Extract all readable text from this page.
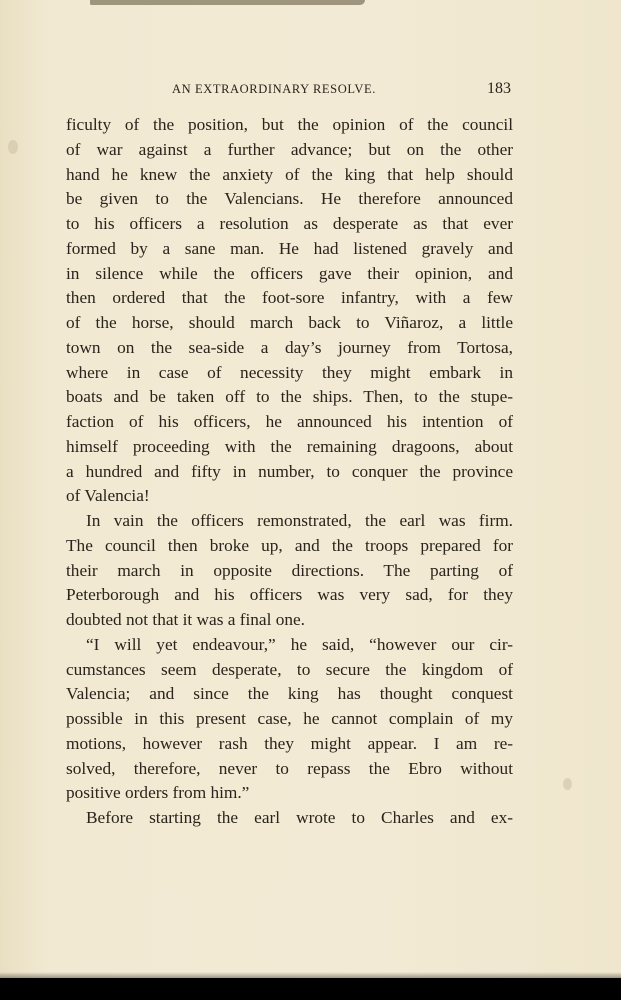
AN EXTRAORDINARY RESOLVE.	183
ficulty of the position, but the opinion of the council
of war against a further advance; but on the other
hand he knew the anxiety of the king that help should
be given to the Valencians. He therefore announced
to his officers a resolution as desperate as that ever
formed by a sane man. He had listened gravely and
in silence while the officers gave their opinion, and
then ordered that the foot-sore infantry, with a few
of the horse, should march back to Viñaroz, a little
town on the sea-side a day’s journey from Tortosa,
where in case of necessity they might embark in
boats and be taken off to the ships. Then, to the stupe-
faction of his officers, he announced his intention of
himself proceeding with the remaining dragoons, about
a hundred and fifty in number, to conquer the province
of Valencia!
In vain the officers remonstrated, the earl was firm.
The council then broke up, and the troops prepared for
their march in opposite directions. The parting of
Peterborough and his officers was very sad, for they
doubted not that it was a final one.
“I will yet endeavour,” he said, “however our cir-
cumstances seem desperate, to secure the kingdom of
Valencia; and since the king has thought conquest
possible in this present case, he cannot complain of my
motions, however rash they might appear. I am re-
solved, therefore, never to repass the Ebro without
positive orders from him.”
Before starting the earl wrote to Charles and ex-
